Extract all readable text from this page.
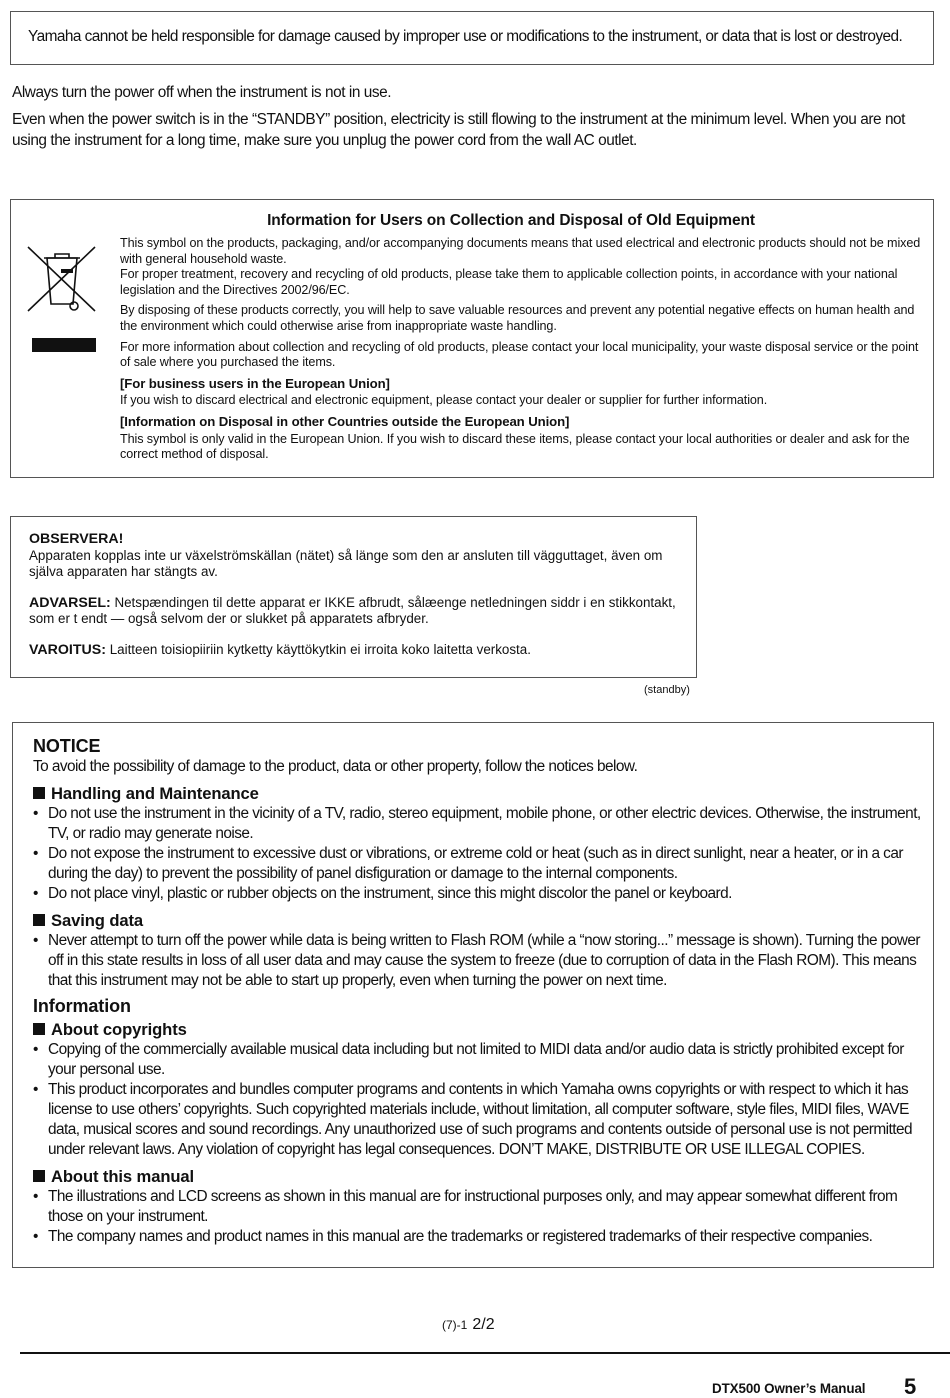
Yamaha cannot be held responsible for damage caused by improper use or modifications to the instrument, or data that is lost or destroyed.

Always turn the power off when the instrument is not in use.

Even when the power switch is in the “STANDBY” position, electricity is still flowing to the instrument at the minimum level. When you are not using the instrument for a long time, make sure you unplug the power cord from the wall AC outlet.

Information for Users on Collection and Disposal of Old Equipment

This symbol on the products, packaging, and/or accompanying documents means that used electrical and electronic products should not be mixed with general household waste.

For proper treatment, recovery and recycling of old products, please take them to applicable collection points, in accordance with your national legislation and the Directives 2002/96/EC.

By disposing of these products correctly, you will help to save valuable resources and prevent any potential negative effects on human health and the environment which could otherwise arise from inappropriate waste handling.

For more information about collection and recycling of old products, please contact your local municipality, your waste disposal service or the point of sale where you purchased the items.

[For business users in the European Union]

If you wish to discard electrical and electronic equipment, please contact your dealer or supplier for further information.

[Information on Disposal in other Countries outside the European Union]

This symbol is only valid in the European Union. If you wish to discard these items, please contact your local authorities or dealer and ask for the correct method of disposal.

OBSERVERA!
Apparaten kopplas inte ur växelströmskällan (nätet) så länge som den ar ansluten till vägguttaget, även om själva apparaten har stängts av.
ADVARSEL: Netspændingen til dette apparat er IKKE afbrudt, sålæenge netledningen siddr i en stikkontakt, som er t endt — også selvom der or slukket på apparatets afbryder.
VAROITUS: Laitteen toisiopiiriin kytketty käyttökytkin ei irroita koko laitetta verkosta.
(standby)
NOTICE
To avoid the possibility of damage to the product, data or other property, follow the notices below.
Handling and Maintenance
• Do not use the instrument in the vicinity of a TV, radio, stereo equipment, mobile phone, or other electric devices. Otherwise, the instrument, TV, or radio may generate noise.
• Do not expose the instrument to excessive dust or vibrations, or extreme cold or heat (such as in direct sunlight, near a heater, or in a car during the day) to prevent the possibility of panel disfiguration or damage to the internal components.
• Do not place vinyl, plastic or rubber objects on the instrument, since this might discolor the panel or keyboard.
Saving data
• Never attempt to turn off the power while data is being written to Flash ROM (while a “now storing...” message is shown). Turning the power off in this state results in loss of all user data and may cause the system to freeze (due to corruption of data in the Flash ROM). This means that this instrument may not be able to start up properly, even when turning the power on next time.
Information
About copyrights
• Copying of the commercially available musical data including but not limited to MIDI data and/or audio data is strictly prohibited except for your personal use.
• This product incorporates and bundles computer programs and contents in which Yamaha owns copyrights or with respect to which it has license to use others’ copyrights. Such copyrighted materials include, without limitation, all computer software, style files, MIDI files, WAVE data, musical scores and sound recordings. Any unauthorized use of such programs and contents outside of personal use is not permitted under relevant laws. Any violation of copyright has legal consequences. DON’T MAKE, DISTRIBUTE OR USE ILLEGAL COPIES.
About this manual
• The illustrations and LCD screens as shown in this manual are for instructional purposes only, and may appear somewhat different from those on your instrument.
• The company names and product names in this manual are the trademarks or registered trademarks of their respective companies.
(7)-1 2/2
DTX500 Owner’s Manual 5
